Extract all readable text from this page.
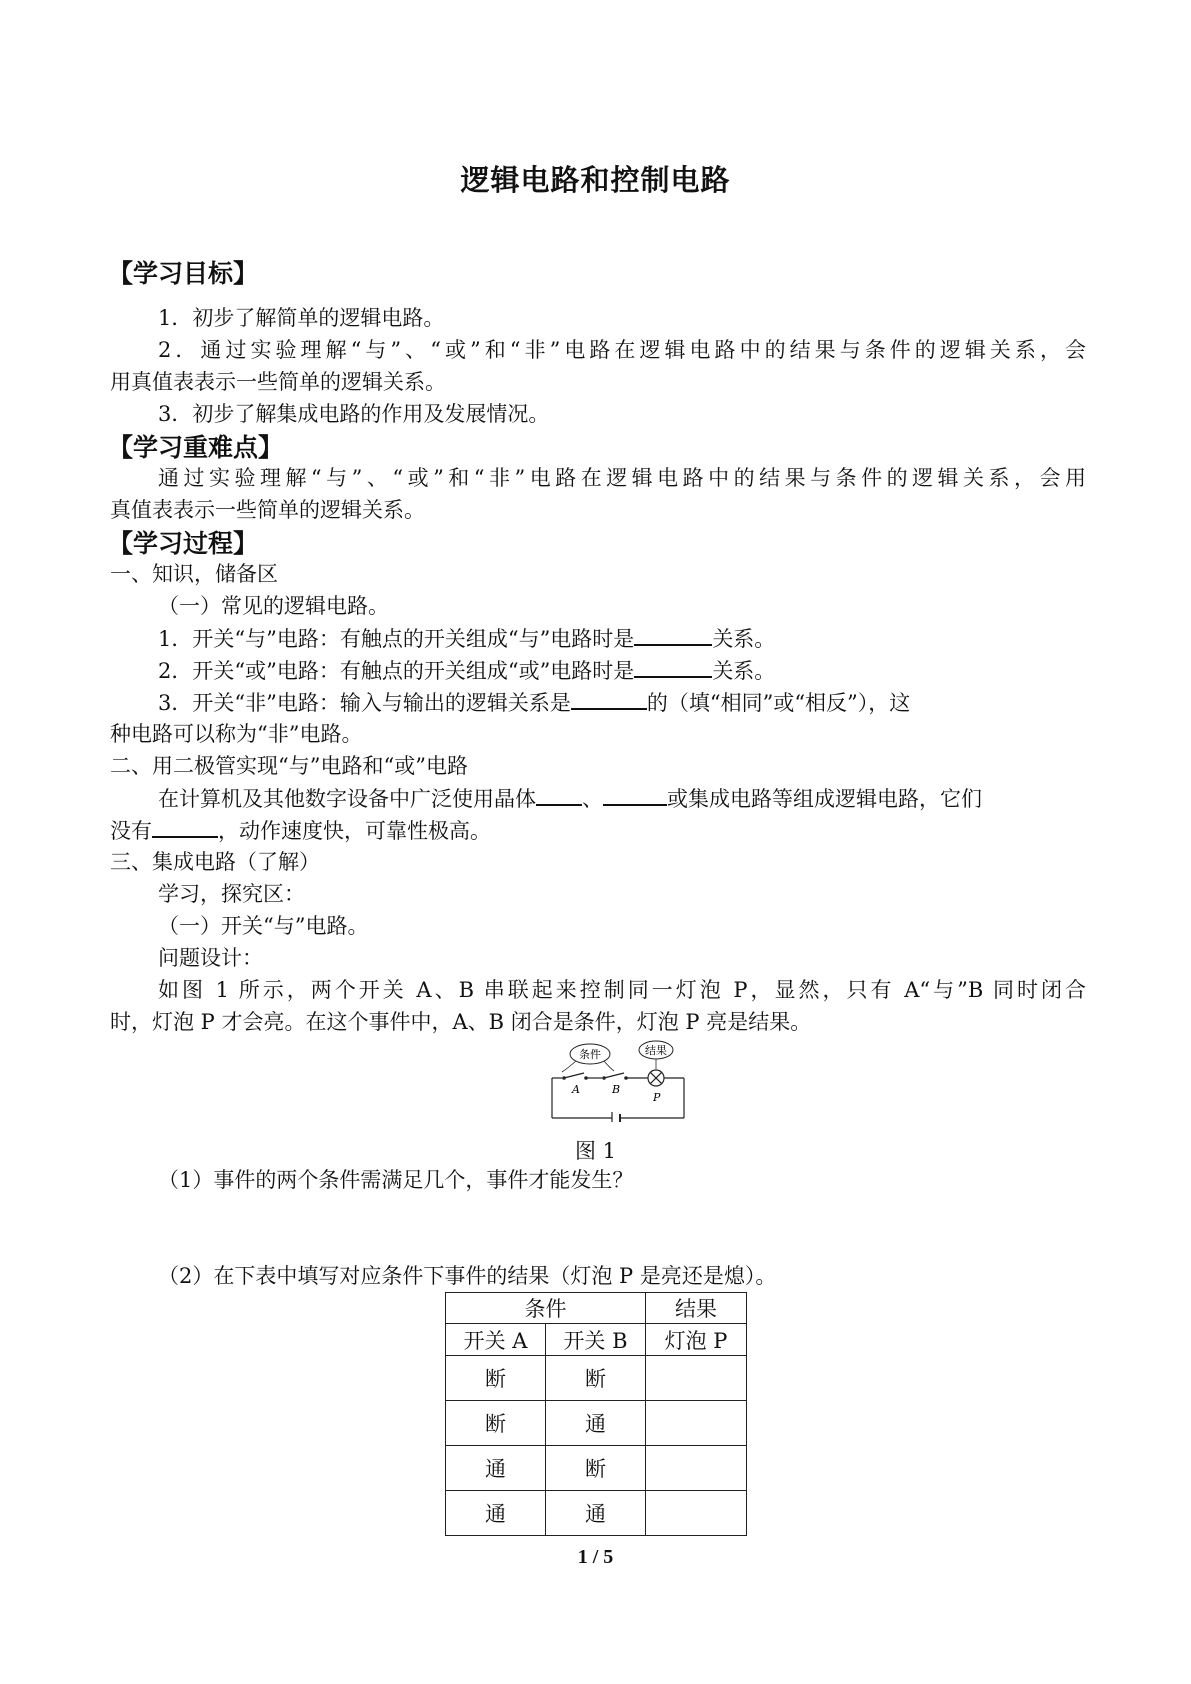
逻辑电路和控制电路
【学习目标】
1．初步了解简单的逻辑电路。
2．通过实验理解“与”、“或”和“非”电路在逻辑电路中的结果与条件的逻辑关系，会
用真值表表示一些简单的逻辑关系。
3．初步了解集成电路的作用及发展情况。
【学习重难点】
通过实验理解“与”、“或”和“非”电路在逻辑电路中的结果与条件的逻辑关系，会用
真值表表示一些简单的逻辑关系。
【学习过程】
一、知识，储备区
（一）常见的逻辑电路。
1．开关“与”电路：有触点的开关组成“与”电路时是	关系。
2．开关“或”电路：有触点的开关组成“或”电路时是	关系。
3．开关“非”电路：输入与输出的逻辑关系是	的（填“相同”或“相反”），这
种电路可以称为“非”电路。
二、用二极管实现“与”电路和“或”电路
在计算机及其他数字设备中广泛使用晶体 、	或集成电路等组成逻辑电路，它们
没有	，动作速度快，可靠性极高。
三、集成电路（了解）
学习，探究区：
（一）开关“与”电路。
问题设计：
如图 1 所示，两个开关 A、B 串联起来控制同一灯泡 P，显然，只有 A“与”B 同时闭合
时，灯泡 P 才会亮。在这个事件中，A、B 闭合是条件，灯泡 P 亮是结果。
条件	结果
A	B
P
图 1
（1）事件的两个条件需满足几个，事件才能发生？
（2）在下表中填写对应条件下事件的结果（灯泡 P 是亮还是熄）。
条件		结果
开关 A	开关 B	灯泡 P
断	断	
断	通	
通	断	
通	通	
1 / 5
